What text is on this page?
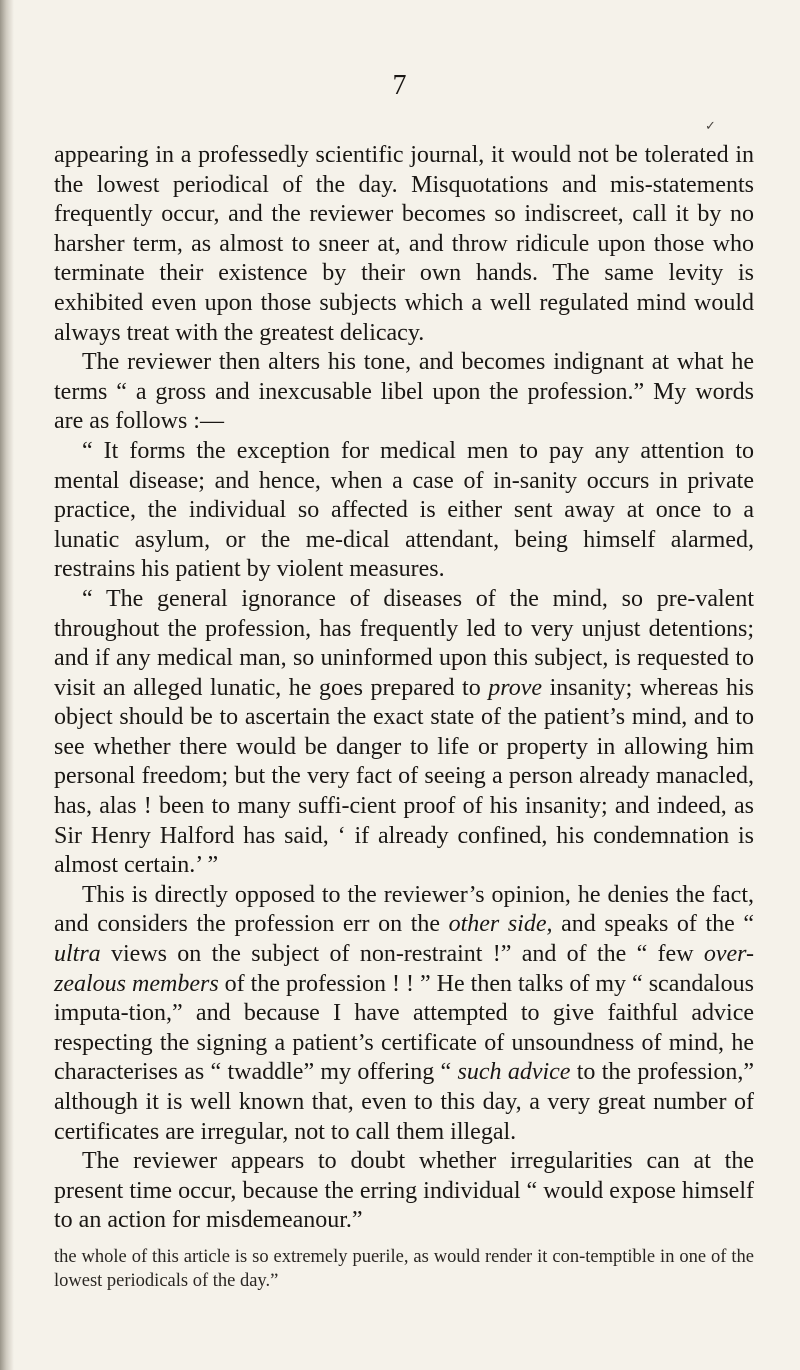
7
✓

appearing in a professedly scientific journal, it would not be tolerated in the lowest periodical of the day. Misquotations and mis-statements frequently occur, and the reviewer becomes so indiscreet, call it by no harsher term, as almost to sneer at, and throw ridicule upon those who terminate their existence by their own hands. The same levity is exhibited even upon those subjects which a well regulated mind would always treat with the greatest delicacy.

The reviewer then alters his tone, and becomes indignant at what he terms “ a gross and inexcusable libel upon the profession.” My words are as follows :—

“ It forms the exception for medical men to pay any attention to mental disease; and hence, when a case of in-sanity occurs in private practice, the individual so affected is either sent away at once to a lunatic asylum, or the me-dical attendant, being himself alarmed, restrains his patient by violent measures.

“ The general ignorance of diseases of the mind, so pre-valent throughout the profession, has frequently led to very unjust detentions; and if any medical man, so uninformed upon this subject, is requested to visit an alleged lunatic, he goes prepared to prove insanity; whereas his object should be to ascertain the exact state of the patient’s mind, and to see whether there would be danger to life or property in allowing him personal freedom; but the very fact of seeing a person already manacled, has, alas ! been to many suffi-cient proof of his insanity; and indeed, as Sir Henry Halford has said, ‘ if already confined, his condemnation is almost certain.’ ”

This is directly opposed to the reviewer’s opinion, he denies the fact, and considers the profession err on the other side, and speaks of the “ ultra views on the subject of non-restraint !” and of the “ few over-zealous members of the profession ! ! ” He then talks of my “ scandalous imputa-tion,” and because I have attempted to give faithful advice respecting the signing a patient’s certificate of unsoundness of mind, he characterises as “ twaddle” my offering “ such advice to the profession,” although it is well known that, even to this day, a very great number of certificates are irregular, not to call them illegal.

The reviewer appears to doubt whether irregularities can at the present time occur, because the erring individual “ would expose himself to an action for misdemeanour.”

the whole of this article is so extremely puerile, as would render it con-temptible in one of the lowest periodicals of the day.”
